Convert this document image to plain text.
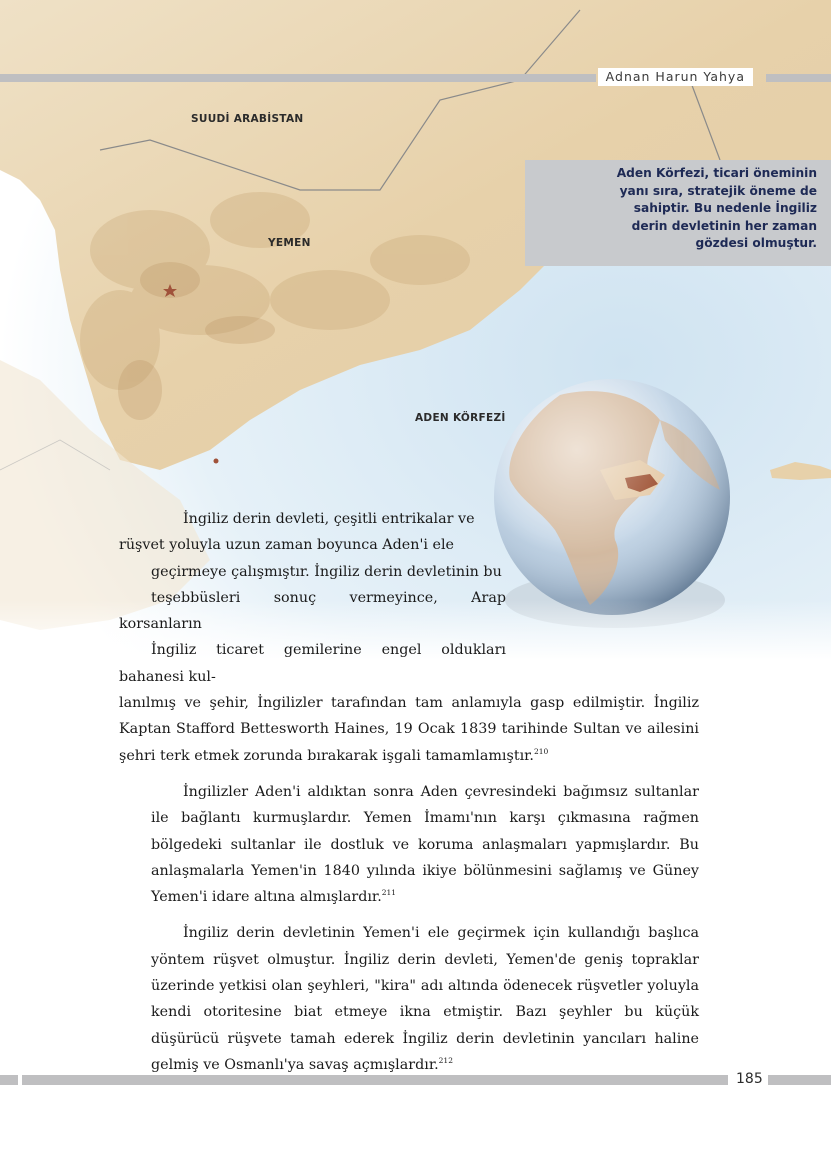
Adnan Harun Yahya
SUUDİ ARABİSTAN
YEMEN
ADEN KÖRFEZİ
Aden Körfezi, ticari öneminin
yanı sıra, stratejik öneme de
sahiptir. Bu nedenle İngiliz
derin devletinin her zaman
gözdesi olmuştur.

İngiliz derin devleti, çeşitli entrikalar ve
rüşvet yoluyla uzun zaman boyunca Aden'i ele
geçirmeye çalışmıştır. İngiliz derin devletinin bu
teşebbüsleri sonuç vermeyince, Arap korsanların
İngiliz ticaret gemilerine engel oldukları bahanesi kul-
lanılmış ve şehir, İngilizler tarafından tam anlamıyla gasp edilmiştir. İngiliz Kaptan Stafford Bettesworth Haines, 19 Ocak 1839 tarihinde Sultan ve ailesini şehri terk etmek zorunda bırakarak işgali tamamlamıştır.$^{210}$

İngilizler Aden'i aldıktan sonra Aden çevresindeki bağımsız sultanlar ile bağlantı kurmuşlardır. Yemen İmamı'nın karşı çıkmasına rağmen bölgedeki sultanlar ile dostluk ve koruma anlaşmaları yapmışlardır. Bu anlaşmalarla Yemen'in 1840 yılında ikiye bölünmesini sağlamış ve Güney Yemen'i idare altına almışlardır.$^{211}$

İngiliz derin devletinin Yemen'i ele geçirmek için kullandığı başlıca yöntem rüşvet olmuştur. İngiliz derin devleti, Yemen'de geniş topraklar üzerinde yetkisi olan şeyhleri, "kira" adı altında ödenecek rüşvetler yoluyla kendi otoritesine biat etmeye ikna etmiştir. Bazı şeyhler bu küçük düşürücü rüşvete tamah ederek İngiliz derin devletinin yancıları haline gelmiş ve Osmanlı'ya savaş açmışlardır.$^{212}$

185
